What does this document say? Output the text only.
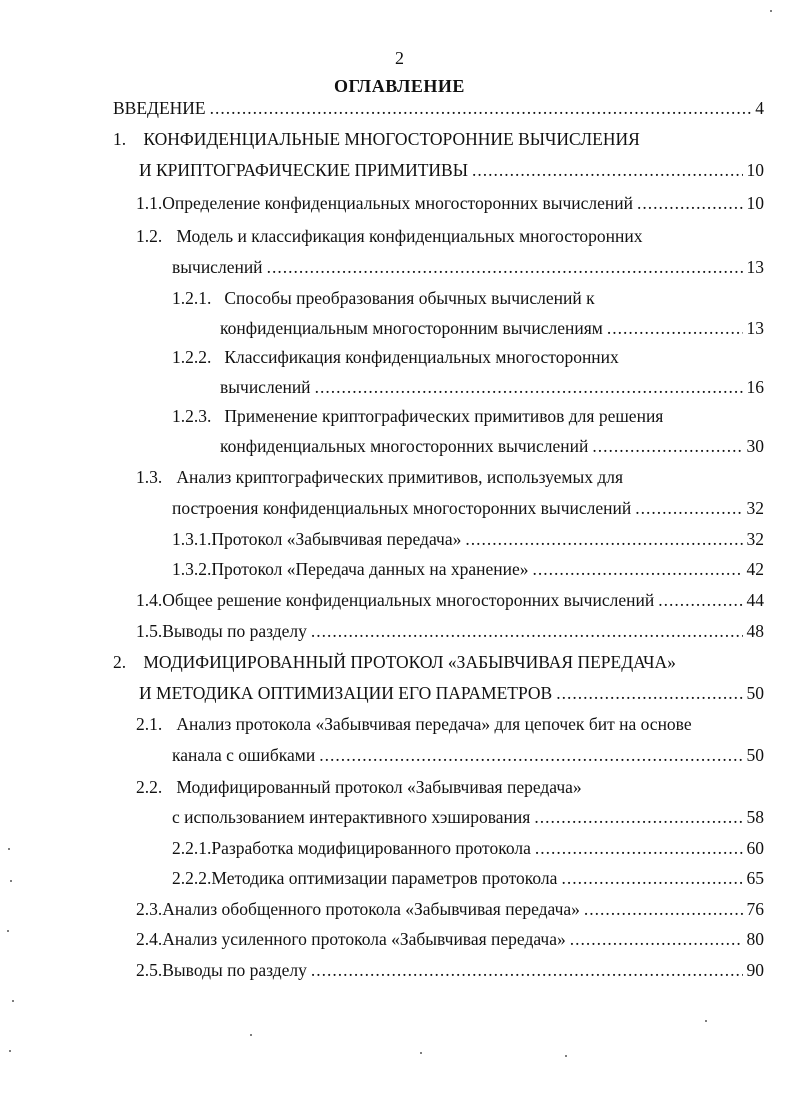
2
ОГЛАВЛЕНИЕ
ВВЕДЕНИЕ .....	4
1. КОНФИДЕНЦИАЛЬНЫЕ МНОГОСТОРОННИЕ ВЫЧИСЛЕНИЯ
И КРИПТОГРАФИЧЕСКИЕ ПРИМИТИВЫ .....	10
1.1. Определение конфиденциальных многосторонних вычислений .....	10
1.2. Модель и классификация конфиденциальных многосторонних
вычислений .....	13
1.2.1. Способы преобразования обычных вычислений к
конфиденциальным многосторонним вычислениям .....	13
1.2.2. Классификация конфиденциальных многосторонних
вычислений .....	16
1.2.3. Применение криптографических примитивов для решения
конфиденциальных многосторонних вычислений .....	30
1.3. Анализ криптографических примитивов, используемых для
построения конфиденциальных многосторонних вычислений .....	32
1.3.1. Протокол «Забывчивая передача» .....	32
1.3.2. Протокол «Передача данных на хранение» .....	42
1.4. Общее решение конфиденциальных многосторонних вычислений .....	44
1.5. Выводы по разделу .....	48
2. МОДИФИЦИРОВАННЫЙ ПРОТОКОЛ «ЗАБЫВЧИВАЯ ПЕРЕДАЧА»
И МЕТОДИКА ОПТИМИЗАЦИИ ЕГО ПАРАМЕТРОВ .....	50
2.1. Анализ протокола «Забывчивая передача» для цепочек бит на основе
канала с ошибками .....	50
2.2. Модифицированный протокол «Забывчивая передача»
с использованием интерактивного хэширования .....	58
2.2.1. Разработка модифицированного протокола .....	60
2.2.2. Методика оптимизации параметров протокола .....	65
2.3. Анализ обобщенного протокола «Забывчивая передача» .....	76
2.4. Анализ усиленного протокола «Забывчивая передача» .....	80
2.5. Выводы по разделу .....	90
